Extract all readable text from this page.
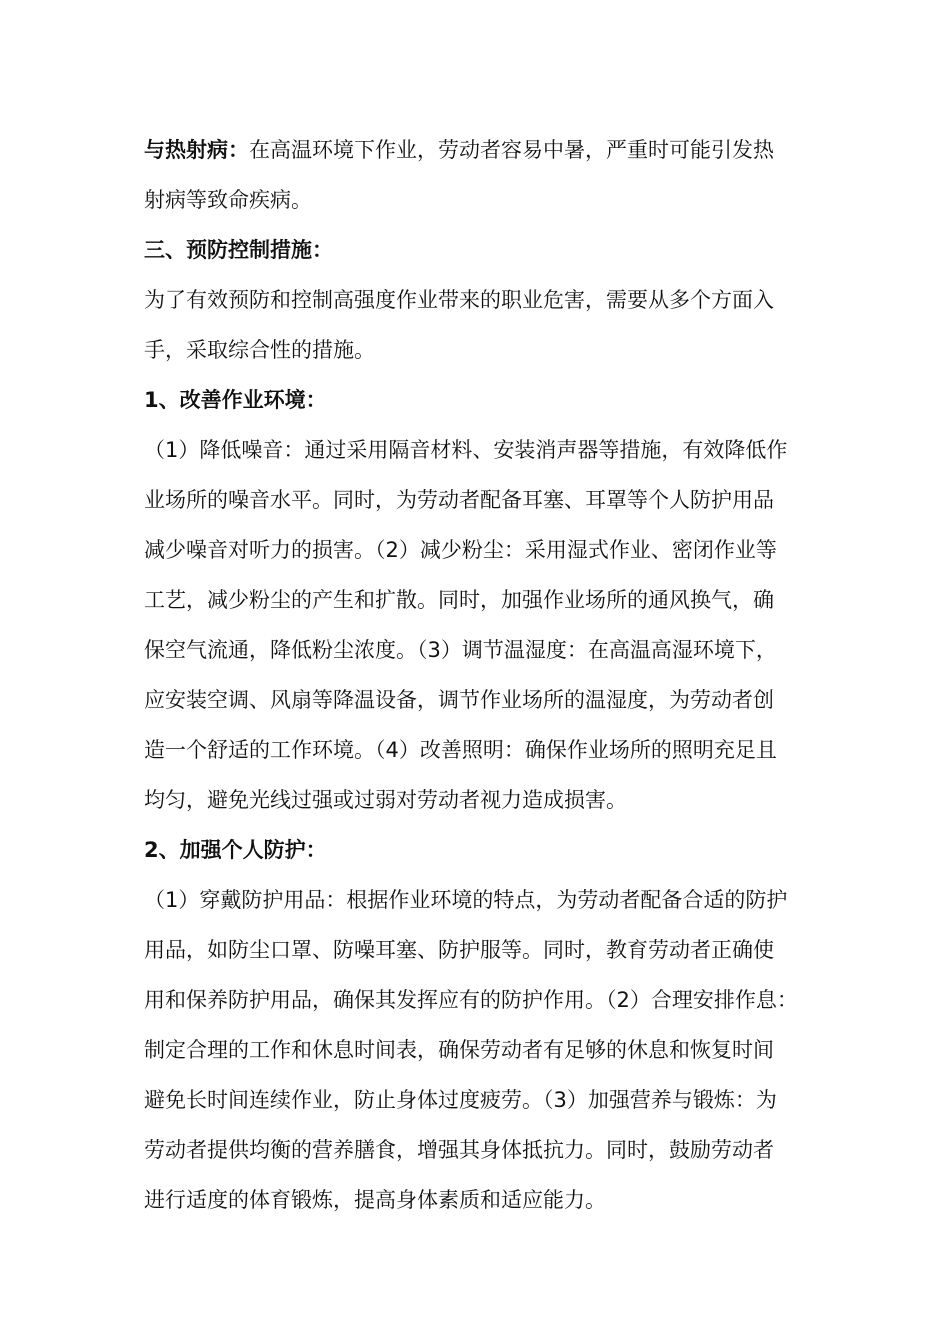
与热射病：在高温环境下作业，劳动者容易中暑，严重时可能引发热
射病等致命疾病。
三、预防控制措施：
为了有效预防和控制高强度作业带来的职业危害，需要从多个方面入
手，采取综合性的措施。
1、改善作业环境：
（1）降低噪音：通过采用隔音材料、安装消声器等措施，有效降低作
业场所的噪音水平。同时，为劳动者配备耳塞、耳罩等个人防护用品
减少噪音对听力的损害。（2）减少粉尘：采用湿式作业、密闭作业等
工艺，减少粉尘的产生和扩散。同时，加强作业场所的通风换气，确
保空气流通，降低粉尘浓度。（3）调节温湿度：在高温高湿环境下，
应安装空调、风扇等降温设备，调节作业场所的温湿度，为劳动者创
造一个舒适的工作环境。（4）改善照明：确保作业场所的照明充足且
均匀，避免光线过强或过弱对劳动者视力造成损害。
2、加强个人防护：
（1）穿戴防护用品：根据作业环境的特点，为劳动者配备合适的防护
用品，如防尘口罩、防噪耳塞、防护服等。同时，教育劳动者正确使
用和保养防护用品，确保其发挥应有的防护作用。（2）合理安排作息：
制定合理的工作和休息时间表，确保劳动者有足够的休息和恢复时间
避免长时间连续作业，防止身体过度疲劳。（3）加强营养与锻炼：为
劳动者提供均衡的营养膳食，增强其身体抵抗力。同时，鼓励劳动者
进行适度的体育锻炼，提高身体素质和适应能力。
